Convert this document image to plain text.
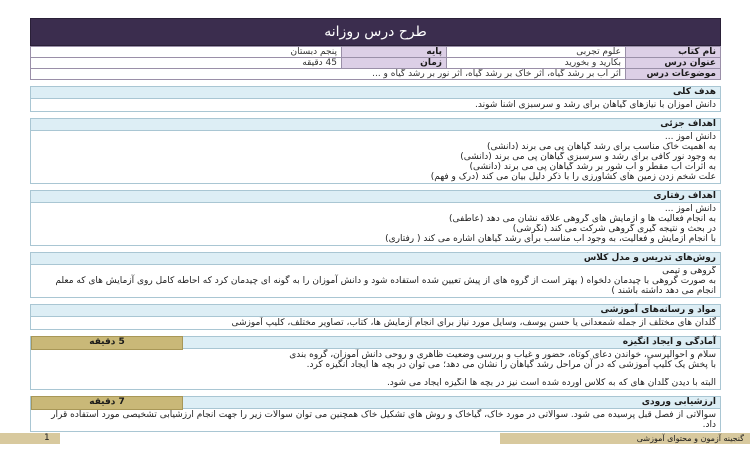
طرح درس روزانه
نام کتاب	علوم تجربی	پایه	پنجم دبستان
عنوان درس	بکارید و بخورید	زمان	45 دقیقه
موضوعات درس	اثر آب بر رشد گیاه، اثر خاک بر رشد گیاه، اثر نور بر رشد گیاه و ...		
هدف کلی
دانش آموزان با نیازهای گیاهان برای رشد و سرسبزی آشنا شوند.
اهداف جزئی
دانش آموز ...
به اهمیت خاک مناسب برای رشد گیاهان پی می برند (دانشی)
به وجود نور کافی برای رشد و سرسبزی گیاهان پی می برند (دانشی)
به اثرات آب مقطر و آب شور بر رشد گیاهان پی می برند (دانشی)
علت شخم زدن زمین های کشاورزی را با ذکر دلیل بیان می کند (درک و فهم)
اهداف رفتاری
دانش آموز ...
به انجام فعالیت ها و آزمایش های گروهی علاقه نشان می دهد (عاطفی)
در بحث و نتیجه گیری گروهی شرکت می کند (نگرشی)
با انجام آزمایش و فعالیت، به وجود آب مناسب برای رشد گیاهان اشاره می کند ( رفتاری)
روش‌های تدریس و مدل کلاس
گروهی و تیمی
به صورت گروهی با چیدمان دلخواه ( بهتر است از گروه های از پیش تعیین شده استفاده شود و دانش آموزان را به گونه ای چیدمان کرد که احاطه کامل روی آزمایش های که معلم انجام می دهد داشته باشند )
مواد و رسانه‌های آموزشی
گلدان های مختلف از جمله شمعدانی یا حسن یوسف، وسایل مورد نیاز برای انجام آزمایش ها، کتاب، تصاویر مختلف، کلیپ آموزشی
آمادگی و ایجاد انگیزه
5 دقیقه
سلام و احوالپرسی، خواندن دعای کوتاه، حضور و غیاب و بررسی وضعیت ظاهری و روحی دانش آموزان، گروه بندی
با پخش یک کلیپ آموزشی که در آن مراحل رشد گیاهان را نشان می دهد؛ می توان در بچه ها ایجاد انگیزه کرد.
البته با دیدن گلدان های که به کلاس آورده شده است نیز در بچه ها انگیزه ایجاد می شود.
ارزشیابی ورودی
7 دقیقه
سوالاتی از فصل قبل پرسیده می شود. سوالاتی در مورد خاک، گیاخاک و روش های تشکیل خاک همچنین می توان سوالات زیر را جهت انجام ارزشیابی تشخیصی مورد استفاده قرار داد.
1	گنجینه آزمون و محتوای آموزشی
